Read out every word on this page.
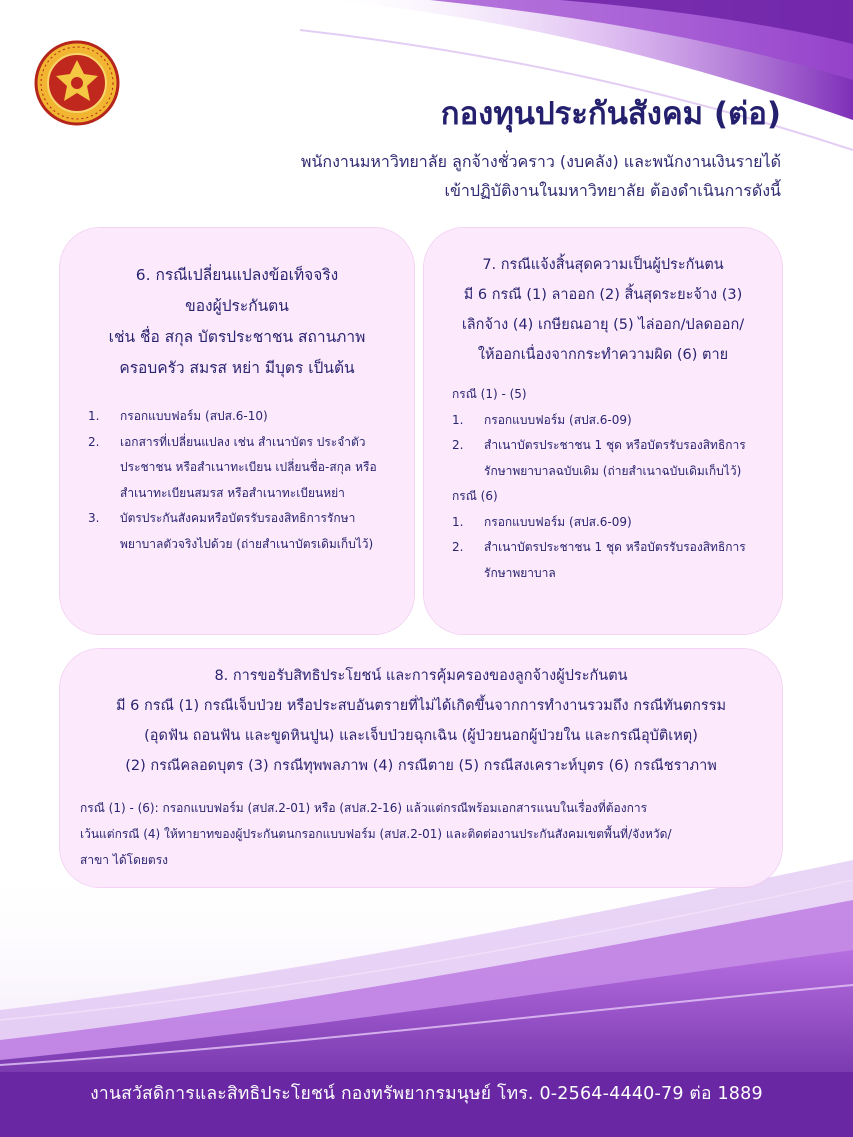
กองทุนประกันสังคม (ต่อ)
พนักงานมหาวิทยาลัย ลูกจ้างชั่วคราว (งบคลัง) และพนักงานเงินรายได้
เข้าปฏิบัติงานในมหาวิทยาลัย ต้องดำเนินการดังนี้
6. กรณีเปลี่ยนแปลงข้อเท็จจริง
ของผู้ประกันตน
เช่น ชื่อ สกุล บัตรประชาชน สถานภาพ
ครอบครัว สมรส หย่า มีบุตร เป็นต้น
1. กรอกแบบฟอร์ม (สปส.6-10)
2. เอกสารที่เปลี่ยนแปลง เช่น สำเนาบัตร ประจำตัว ประชาชน หรือสำเนาทะเบียน เปลี่ยนชื่อ-สกุล หรือสำเนาทะเบียนสมรส หรือสำเนาทะเบียนหย่า
3. บัตรประกันสังคมหรือบัตรรับรองสิทธิการรักษาพยาบาลตัวจริงไปด้วย (ถ่ายสำเนาบัตรเดิมเก็บไว้)
7. กรณีแจ้งสิ้นสุดความเป็นผู้ประกันตน
มี 6 กรณี (1) ลาออก (2) สิ้นสุดระยะจ้าง (3)
เลิกจ้าง (4) เกษียณอายุ (5) ไล่ออก/ปลดออก/
ให้ออกเนื่องจากกระทำความผิด (6) ตาย
กรณี (1) - (5)
1. กรอกแบบฟอร์ม (สปส.6-09)
2. สำเนาบัตรประชาชน 1 ชุด หรือบัตรรับรองสิทธิการรักษาพยาบาลฉบับเดิม (ถ่ายสำเนาฉบับเดิมเก็บไว้)
กรณี (6)
1. กรอกแบบฟอร์ม (สปส.6-09)
2. สำเนาบัตรประชาชน 1 ชุด หรือบัตรรับรองสิทธิการรักษาพยาบาล
8. การขอรับสิทธิประโยชน์ และการคุ้มครองของลูกจ้างผู้ประกันตน
มี 6 กรณี (1) กรณีเจ็บป่วย หรือประสบอันตรายที่ไม่ได้เกิดขึ้นจากการทำงานรวมถึง กรณีทันตกรรม
(อุดฟัน ถอนฟัน และขูดหินปูน) และเจ็บป่วยฉุกเฉิน (ผู้ป่วยนอกผู้ป่วยใน และกรณีอุบัติเหตุ)
(2) กรณีคลอดบุตร (3) กรณีทุพพลภาพ (4) กรณีตาย (5) กรณีสงเคราะห์บุตร (6) กรณีชราภาพ
กรณี (1) - (6): กรอกแบบฟอร์ม (สปส.2-01) หรือ (สปส.2-16) แล้วแต่กรณีพร้อมเอกสารแนบในเรื่องที่ต้องการ
เว้นแต่กรณี (4) ให้ทายาทของผู้ประกันตนกรอกแบบฟอร์ม (สปส.2-01) และติดต่องานประกันสังคมเขตพื้นที่/จังหวัด/
สาขา ได้โดยตรง
งานสวัสดิการและสิทธิประโยชน์ กองทรัพยากรมนุษย์ โทร. 0-2564-4440-79 ต่อ 1889
